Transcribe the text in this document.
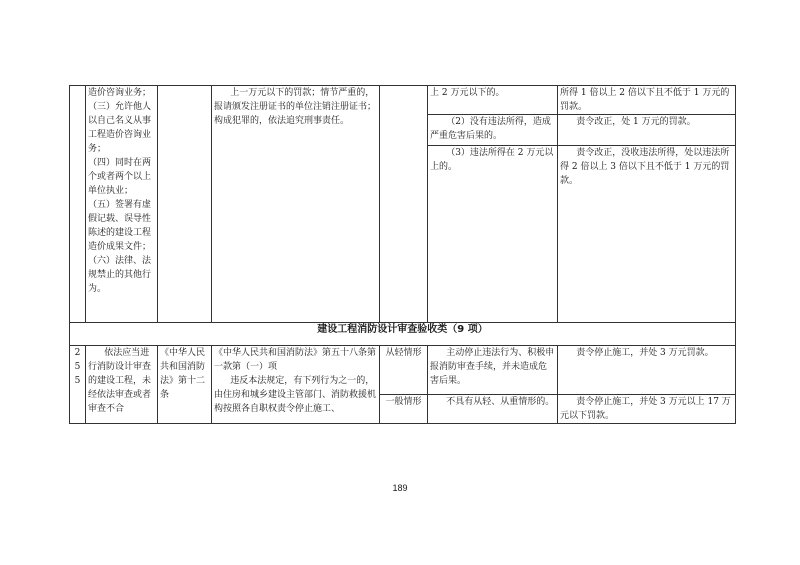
	造价咨询业务；
（三）允许他人以自己名义从事工程造价咨询业务；
（四）同时在两个或者两个以上单位执业；
（五）签署有虚假记载、误导性陈述的建设工程造价成果文件；
（六）法律、法规禁止的其他行为。		上一万元以下的罚款；情节严重的，报请颁发注册证书的单位注销注册证书；构成犯罪的，依法追究刑事责任。		上 2 万元以下的。	所得 1 倍以上 2 倍以下且不低于 1 万元的罚款。
					（2）没有违法所得，造成严重危害后果的。	责令改正，处 1 万元的罚款。
					（3）违法所得在 2 万元以上的。	责令改正，没收违法所得，处以违法所得 2 倍以上 3 倍以下且不低于 1 万元的罚款。
建设工程消防设计审查验收类（9 项）						
255	依法应当进行消防设计审查的建设工程，未经依法审查或者审查不合	《中华人民共和国消防法》第十二条	《中华人民共和国消防法》第五十八条第一款第（一）项
违反本法规定，有下列行为之一的，由住房和城乡建设主管部门、消防救援机构按照各自职权责令停止施工、	从轻情形	主动停止违法行为、积极申报消防审查手续，并未造成危害后果。	责令停止施工，并处 3 万元罚款。
				一般情形	不具有从轻、从重情形的。	责令停止施工，并处 3 万元以上 17 万元以下罚款。
189
